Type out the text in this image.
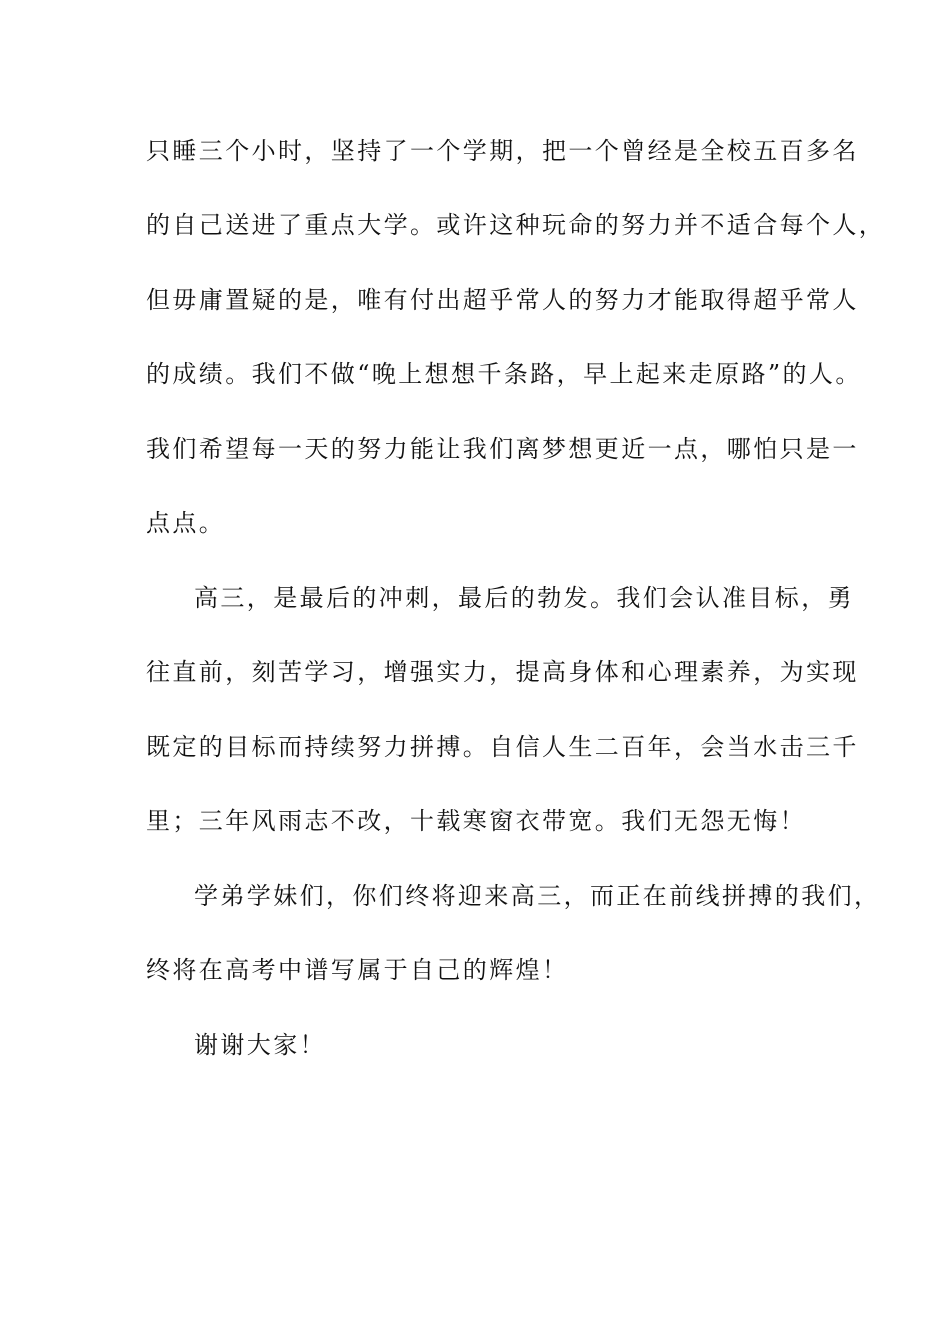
只睡三个小时，坚持了一个学期，把一个曾经是全校五百多名
的自己送进了重点大学。或许这种玩命的努力并不适合每个人，
但毋庸置疑的是，唯有付出超乎常人的努力才能取得超乎常人
的成绩。我们不做“晚上想想千条路，早上起来走原路”的人。
我们希望每一天的努力能让我们离梦想更近一点，哪怕只是一
点点。
高三，是最后的冲刺，最后的勃发。我们会认准目标，勇
往直前，刻苦学习，增强实力，提高身体和心理素养，为实现
既定的目标而持续努力拼搏。自信人生二百年，会当水击三千
里；三年风雨志不改，十载寒窗衣带宽。我们无怨无悔！
学弟学妹们，你们终将迎来高三，而正在前线拼搏的我们，
终将在高考中谱写属于自己的辉煌！
谢谢大家！
